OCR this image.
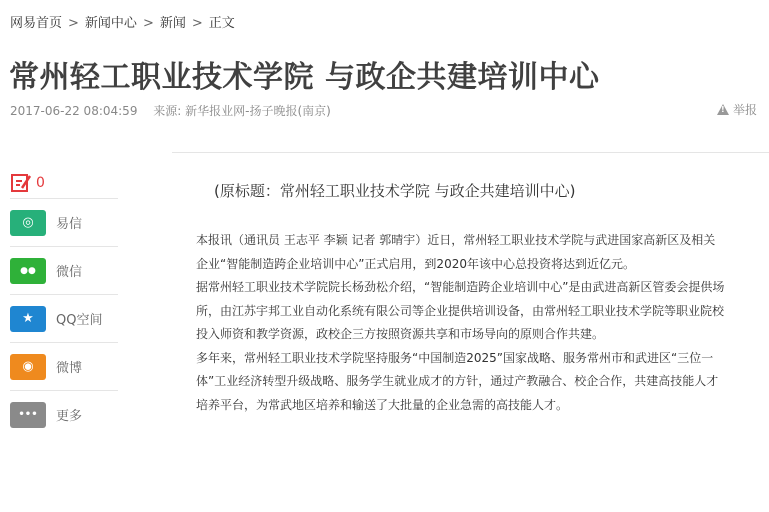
网易首页 > 新闻中心 > 新闻 > 正文
常州轻工职业技术学院 与政企共建培训中心
2017-06-22 08:04:59 来源: 新华报业网-扬子晚报(南京)
!	举报
0
◎	易信
●●	微信
★	QQ空间
◉	微博
•••	更多
(原标题：常州轻工职业技术学院 与政企共建培训中心)

本报讯（通讯员 王志平 李颖 记者 郭晴宇）近日，常州轻工职业技术学院与武进国家高新区及相关企业“智能制造跨企业培训中心”正式启用，到2020年该中心总投资将达到近亿元。

据常州轻工职业技术学院院长杨劲松介绍，“智能制造跨企业培训中心”是由武进高新区管委会提供场所，由江苏宇邦工业自动化系统有限公司等企业提供培训设备，由常州轻工职业技术学院等职业院校投入师资和教学资源，政校企三方按照资源共享和市场导向的原则合作共建。

多年来，常州轻工职业技术学院坚持服务“中国制造2025”国家战略、服务常州市和武进区“三位一体”工业经济转型升级战略、服务学生就业成才的方针，通过产教融合、校企合作，共建高技能人才培养平台，为常武地区培养和输送了大批量的企业急需的高技能人才。
